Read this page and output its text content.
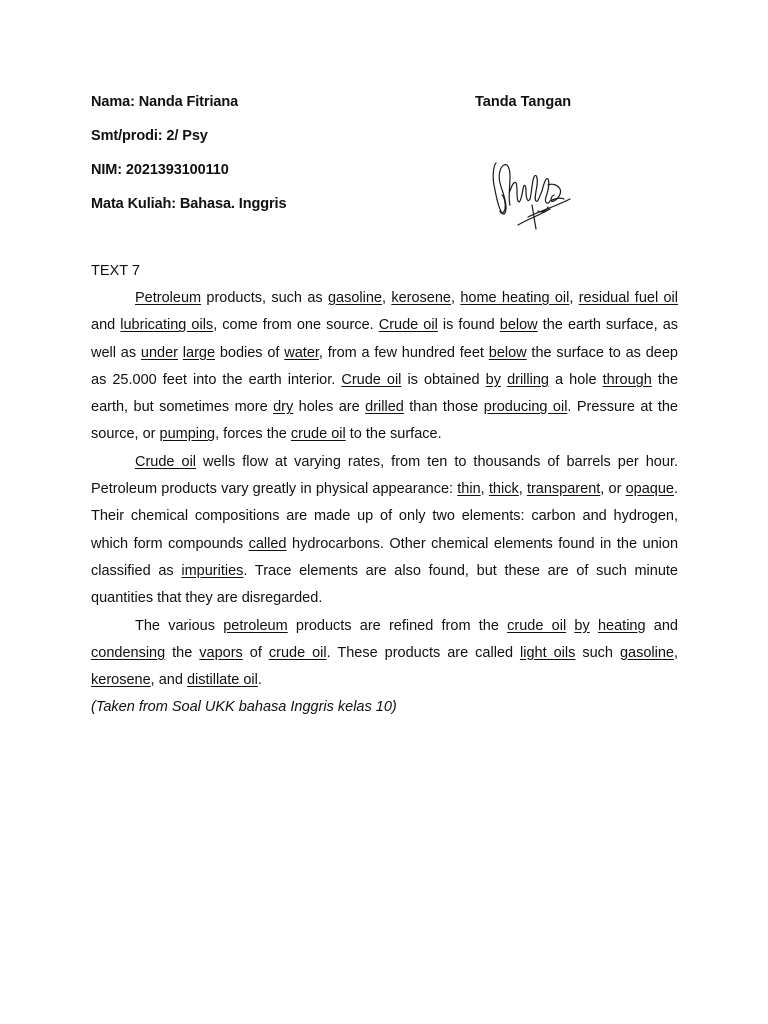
Nama: Nanda Fitriana
Smt/prodi: 2/ Psy
NIM: 2021393100110
Mata Kuliah: Bahasa. Inggris
Tanda Tangan
TEXT 7

Petroleum products, such as gasoline, kerosene, home heating oil, residual fuel oil and lubricating oils, come from one source. Crude oil is found below the earth surface, as well as under large bodies of water, from a few hundred feet below the surface to as deep as 25.000 feet into the earth interior. Crude oil is obtained by drilling a hole through the earth, but sometimes more dry holes are drilled than those producing oil. Pressure at the source, or pumping, forces the crude oil to the surface.

Crude oil wells flow at varying rates, from ten to thousands of barrels per hour. Petroleum products vary greatly in physical appearance: thin, thick, transparent, or opaque. Their chemical compositions are made up of only two elements: carbon and hydrogen, which form compounds called hydrocarbons. Other chemical elements found in the union classified as impurities. Trace elements are also found, but these are of such minute quantities that they are disregarded.

The various petroleum products are refined from the crude oil by heating and condensing the vapors of crude oil. These products are called light oils such gasoline, kerosene, and distillate oil.

(Taken from Soal UKK bahasa Inggris kelas 10)
